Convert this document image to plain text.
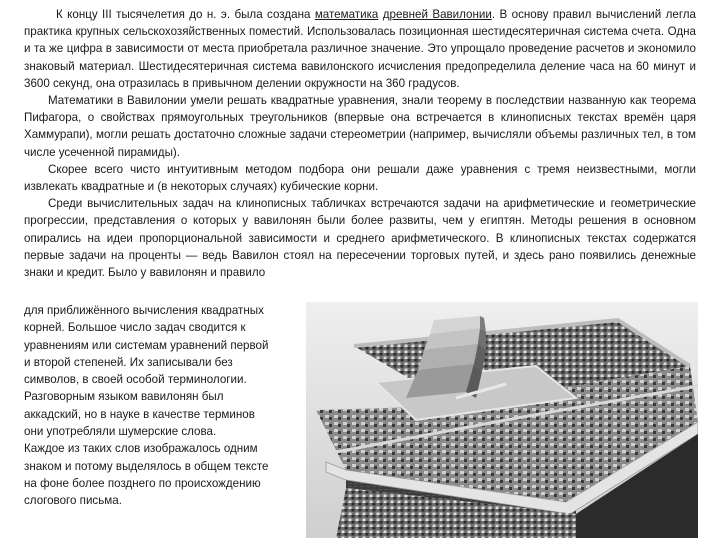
К концу III тысячелетия до н. э. была создана математика древней Вавилонии. В основу правил вычислений легла практика крупных сельскохозяйственных поместий. Использовалась позиционная шестидесятеричная система счета. Одна и та же цифра в зависимости от места приобретала различное значение. Это упрощало проведение расчетов и экономило знаковый материал. Шестидесятеричная система вавилонского исчисления предопределила деление часа на 60 минут и 3600 секунд, она отразилась в привычном делении окружности на 360 градусов.

Математики в Вавилонии умели решать квадратные уравнения, знали теорему в последствии названную как теорема Пифагора, о свойствах прямоугольных треугольников (впервые она встречается в клинописных текстах времён царя Хаммурапи), могли решать достаточно сложные задачи стереометрии (например, вычисляли объемы различных тел, в том числе усеченной пирамиды).

Скорее всего чисто интуитивным методом подбора они решали даже уравнения с тремя неизвестными, могли извлекать квадратные и (в некоторых случаях) кубические корни.

Среди вычислительных задач на клинописных табличках встречаются задачи на арифметические и геометрические прогрессии, представления о которых у вавилонян были более развиты, чем у египтян. Методы решения в основном опирались на идеи пропорциональной зависимости и среднего арифметического. В клинописных текстах содержатся первые задачи на проценты — ведь Вавилон стоял на пересечении торговых путей, и здесь рано появились денежные знаки и кредит. Было у вавилонян и правило

для приближённого вычисления квадратных
корней. Большое число задач сводится к
уравнениям или системам уравнений первой
и второй степеней. Их записывали без
символов, в своей особой терминологии.
Разговорным языком вавилонян был
аккадский, но в науке в качестве терминов
они употребляли шумерские слова.
Каждое из таких слов изображалось одним
знаком и потому выделялось в общем тексте
на фоне более позднего по происхождению
слогового письма.
